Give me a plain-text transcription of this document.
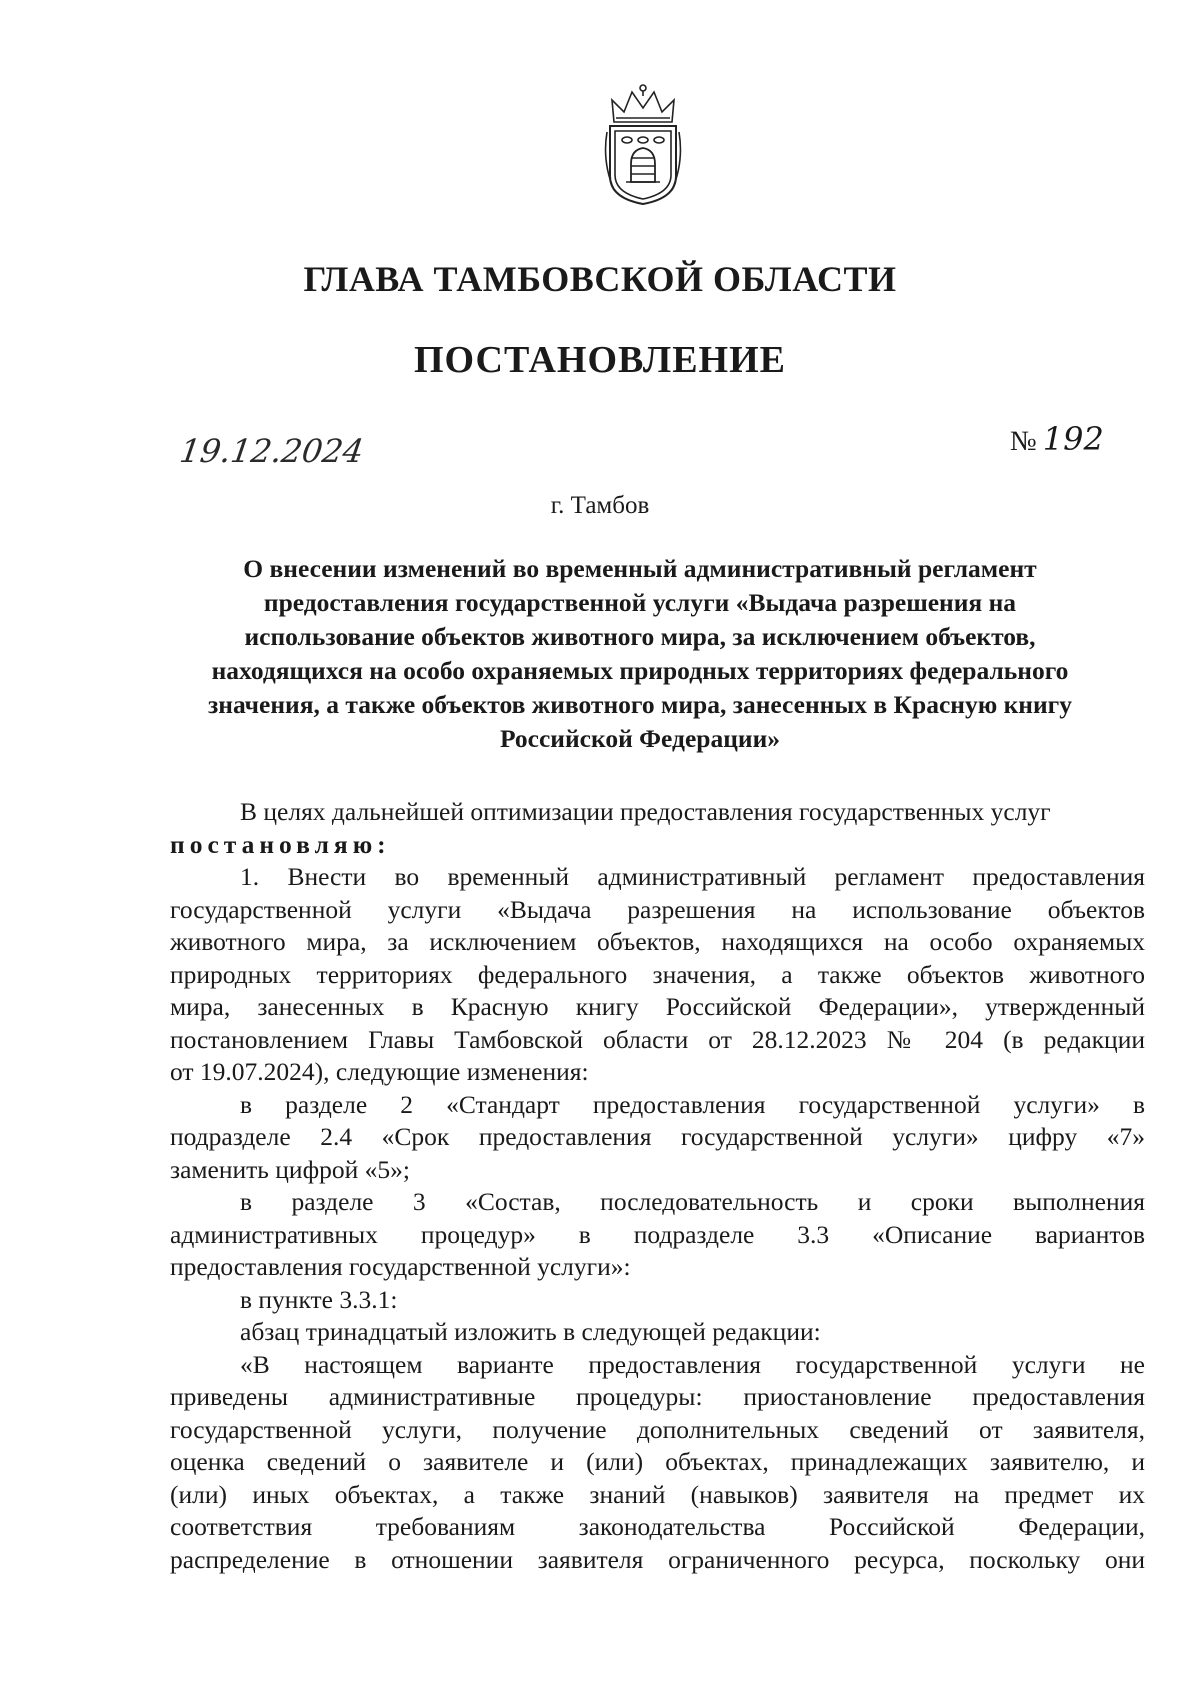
ГЛАВА ТАМБОВСКОЙ ОБЛАСТИ
ПОСТАНОВЛЕНИЕ
19.12.2024	№ 192
г. Тамбов
О внесении изменений во временный административный регламент
предоставления государственной услуги «Выдача разрешения на
использование объектов животного мира, за исключением объектов,
находящихся на особо охраняемых природных территориях федерального
значения, а также объектов животного мира, занесенных в Красную книгу
Российской Федерации»
В целях дальнейшей оптимизации предоставления государственных услуг
постановляю:
1. Внести во временный административный регламент предоставления
государственной услуги «Выдача разрешения на использование объектов
животного мира, за исключением объектов, находящихся на особо охраняемых
природных территориях федерального значения, а также объектов животного
мира, занесенных в Красную книгу Российской Федерации», утвержденный
постановлением Главы Тамбовской области от 28.12.2023 № 204 (в редакции
от 19.07.2024), следующие изменения:
в разделе 2 «Стандарт предоставления государственной услуги» в
подразделе 2.4 «Срок предоставления государственной услуги» цифру «7»
заменить цифрой «5»;
в разделе 3 «Состав, последовательность и сроки выполнения
административных процедур» в подразделе 3.3 «Описание вариантов
предоставления государственной услуги»:
в пункте 3.3.1:
абзац тринадцатый изложить в следующей редакции:
«В настоящем варианте предоставления государственной услуги не
приведены административные процедуры: приостановление предоставления
государственной услуги, получение дополнительных сведений от заявителя,
оценка сведений о заявителе и (или) объектах, принадлежащих заявителю, и
(или) иных объектах, а также знаний (навыков) заявителя на предмет их
соответствия требованиям законодательства Российской Федерации,
распределение в отношении заявителя ограниченного ресурса, поскольку они
